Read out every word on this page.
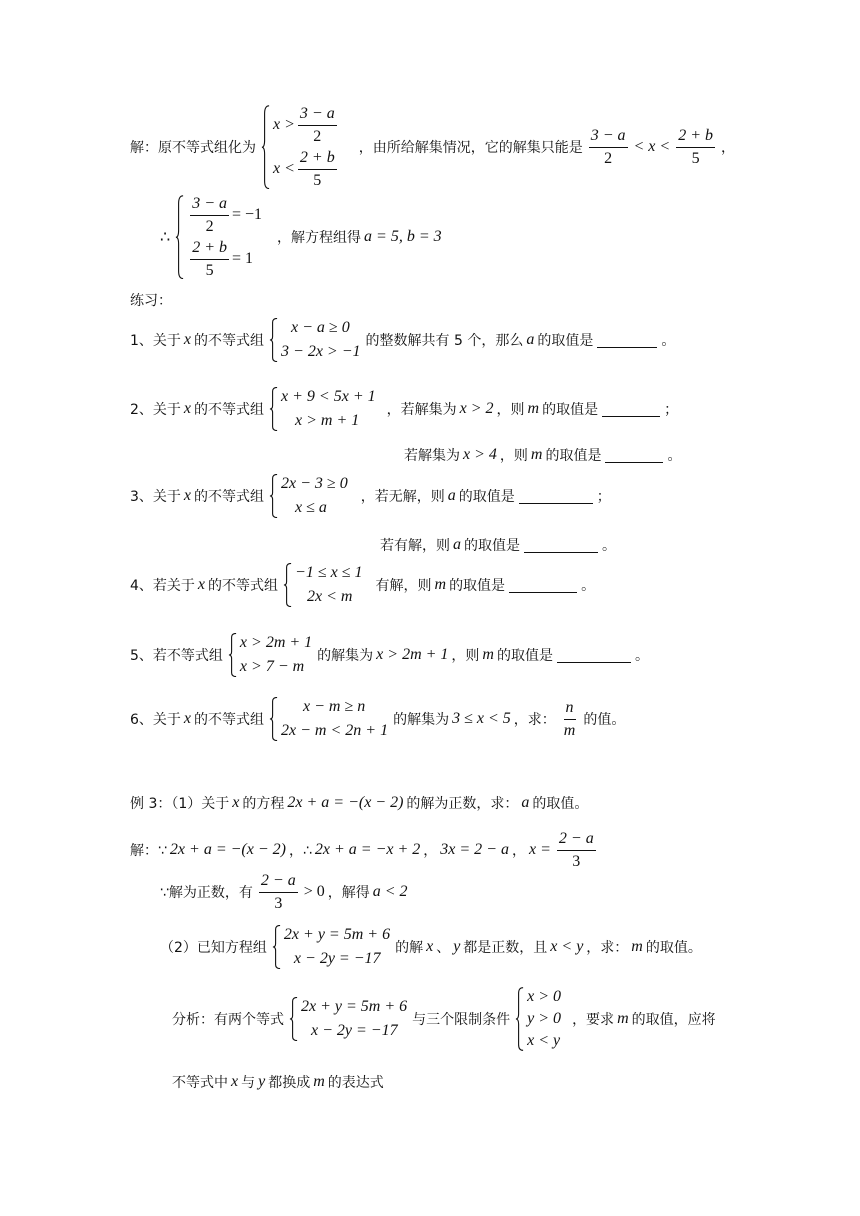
解：原不等式组化为
$x > \frac{3 - a}{2}$
$x < \frac{2 + b}{5}$
，由所给解集情况，它的解集只能是 $\frac{3 - a}{2} < x < \frac{2 + b}{5}$ ，
∴
$\frac{3 - a}{2} = -1$
$\frac{2 + b}{5} = 1$
，解方程组得 a = 5, b = 3
练习：
1、关于 x 的不等式组
x − a ≥ 0
3 − 2x > −1
的整数解共有 5 个，那么 a 的取值是	。
2、关于 x 的不等式组
x + 9 < 5x + 1
x > m + 1
，若解集为 x > 2 ，则 m 的取值是	；
若解集为 x > 4 ，则 m 的取值是	。
3、关于 x 的不等式组
2x − 3 ≥ 0
x ≤ a
，若无解，则 a 的取值是	；
若有解，则 a 的取值是	。
4、若关于 x 的不等式组
−1 ≤ x ≤ 1
2x < m
有解，则 m 的取值是	。
5、若不等式组
x > 2m + 1
x > 7 − m
的解集为 x > 2m + 1 ，则 m 的取值是	。
6、关于 x 的不等式组
x − m ≥ n
2x − m < 2n + 1
的解集为 3 ≤ x < 5 ，求： $\frac{n}{m}$ 的值。
例 3：（1）关于 x 的方程 2x + a = −(x − 2) 的解为正数，求： a 的取值。
解：∵ 2x + a = −(x − 2) ，∴ 2x + a = −x + 2 ， 3x = 2 − a ， $x = \frac{2 - a}{3}$
∵解为正数，有 $\frac{2 - a}{3} > 0$ ，解得 a < 2
（2）已知方程组
2x + y = 5m + 6
x − 2y = −17
的解 x 、 y 都是正数，且 x < y ，求： m 的取值。
分析：有两个等式
2x + y = 5m + 6
x − 2y = −17
与三个限制条件
x > 0
y > 0
x < y
，要求 m 的取值，应将
不等式中 x 与 y 都换成 m 的表达式
